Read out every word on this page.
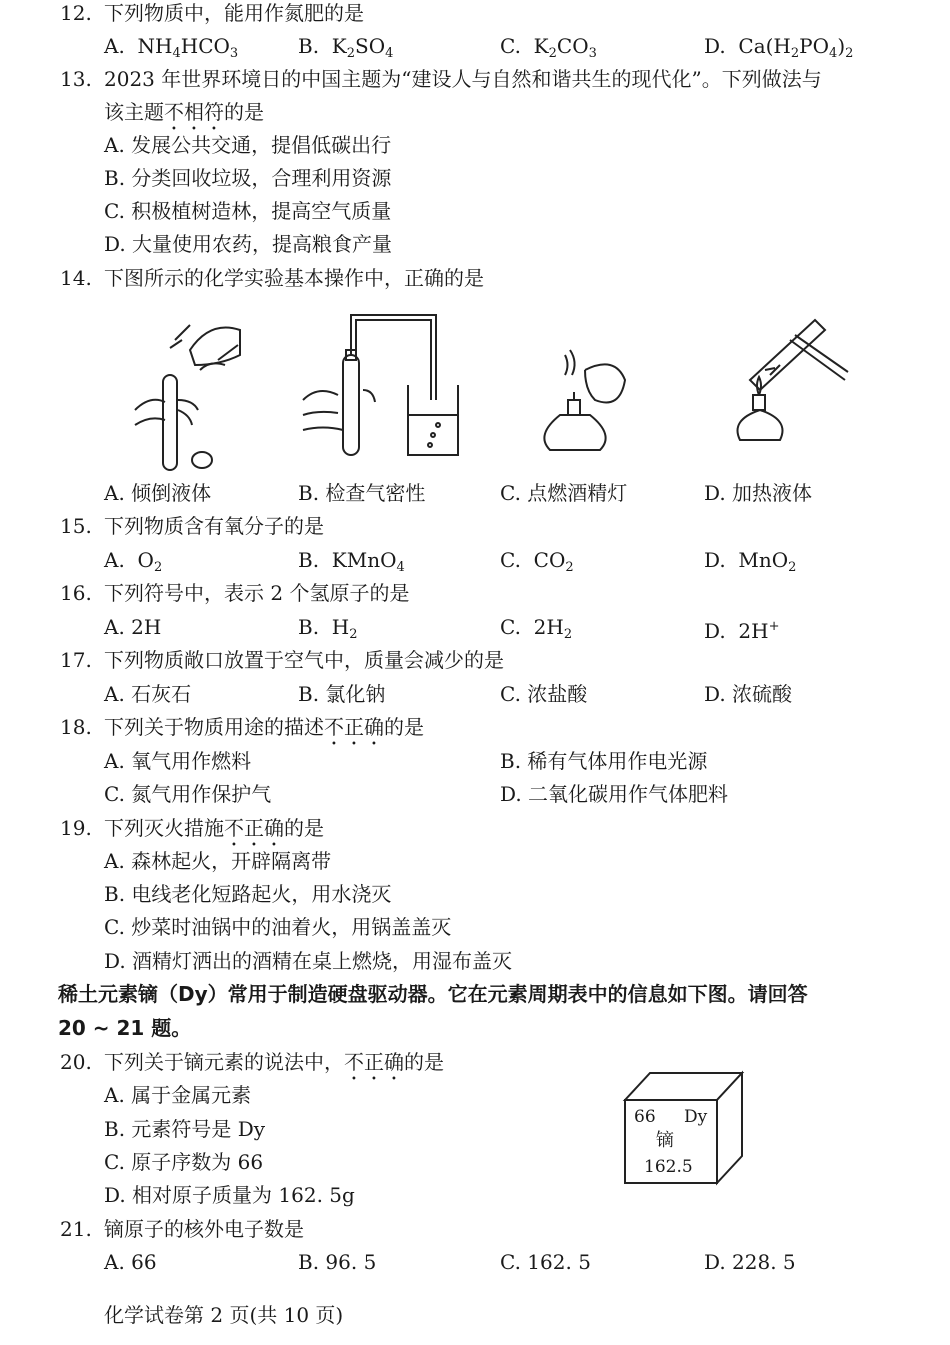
12. 下列物质中，能用作氮肥的是
A. $NH_4HCO_3$	B. $K_2SO_4$	C. $K_2CO_3$	D. $Ca(H_2PO_4)_2$
13. 2023 年世界环境日的中国主题为“建设人与自然和谐共生的现代化”。下列做法与
该主题不相符的是
A. 发展公共交通，提倡低碳出行
B. 分类回收垃圾，合理利用资源
C. 积极植树造林，提高空气质量
D. 大量使用农药，提高粮食产量
14. 下图所示的化学实验基本操作中，正确的是
A. 倾倒液体	B. 检查气密性	C. 点燃酒精灯	D. 加热液体
15. 下列物质含有氧分子的是
A. $O_2$	B. KMnO$_4$	C. $CO_2$	D. MnO$_2$
16. 下列符号中，表示 2 个氢原子的是
A. 2H	B. $H_2$	C. $2H_2$	D. 2H+
17. 下列物质敞口放置于空气中，质量会减少的是
A. 石灰石	B. 氯化钠	C. 浓盐酸	D. 浓硫酸
18. 下列关于物质用途的描述不正确的是
A. 氧气用作燃料	B. 稀有气体用作电光源
C. 氮气用作保护气	D. 二氧化碳用作气体肥料
19. 下列灭火措施不正确的是
A. 森林起火，开辟隔离带
B. 电线老化短路起火，用水浇灭
C. 炒菜时油锅中的油着火，用锅盖盖灭
D. 酒精灯洒出的酒精在桌上燃烧，用湿布盖灭
稀土元素镝（Dy）常用于制造硬盘驱动器。它在元素周期表中的信息如下图。请回答
20 ~ 21 题。
20. 下列关于镝元素的说法中，不正确的是
A. 属于金属元素
B. 元素符号是 Dy
C. 原子序数为 66
D. 相对原子质量为 162. 5g
66 Dy
镝
162.5
21. 镝原子的核外电子数是
A. 66	B. 96. 5	C. 162. 5	D. 228. 5
化学试卷第 2 页(共 10 页)
